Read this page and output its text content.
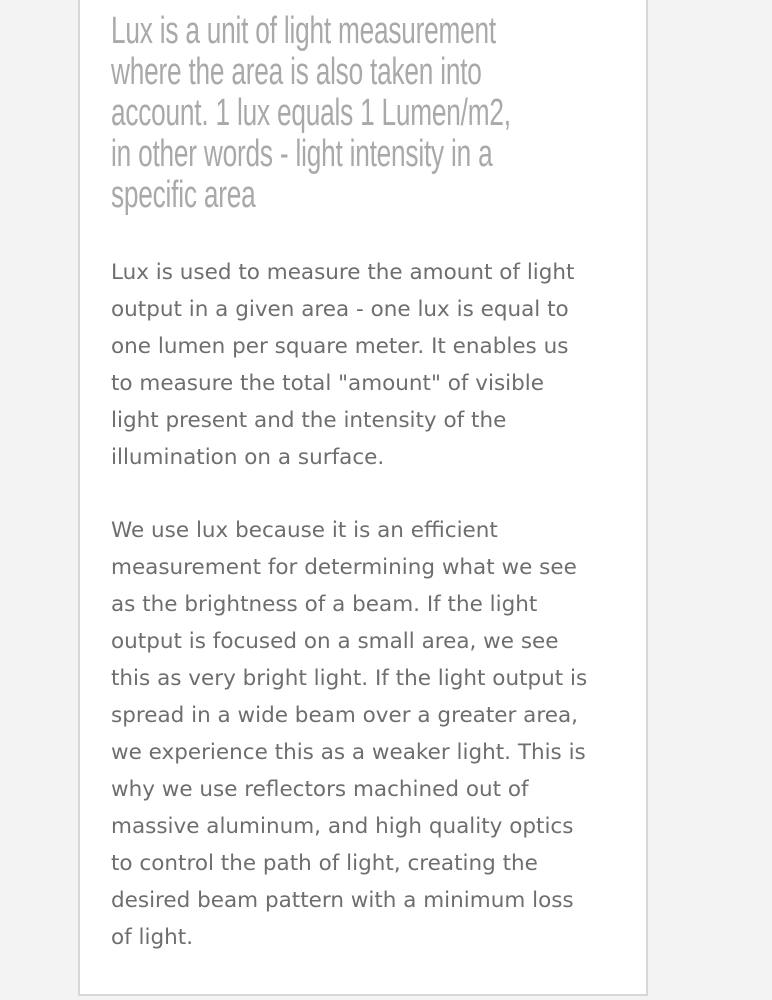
Lux is a unit of light measurement
where the area is also taken into
account. 1 lux equals 1 Lumen/m2,
in other words - light intensity in a
specific area

Lux is used to measure the amount of light
output in a given area - one lux is equal to
one lumen per square meter. It enables us
to measure the total "amount" of visible
light present and the intensity of the
illumination on a surface.

We use lux because it is an efficient
measurement for determining what we see
as the brightness of a beam. If the light
output is focused on a small area, we see
this as very bright light. If the light output is
spread in a wide beam over a greater area,
we experience this as a weaker light. This is
why we use reflectors machined out of
massive aluminum, and high quality optics
to control the path of light, creating the
desired beam pattern with a minimum loss
of light.
